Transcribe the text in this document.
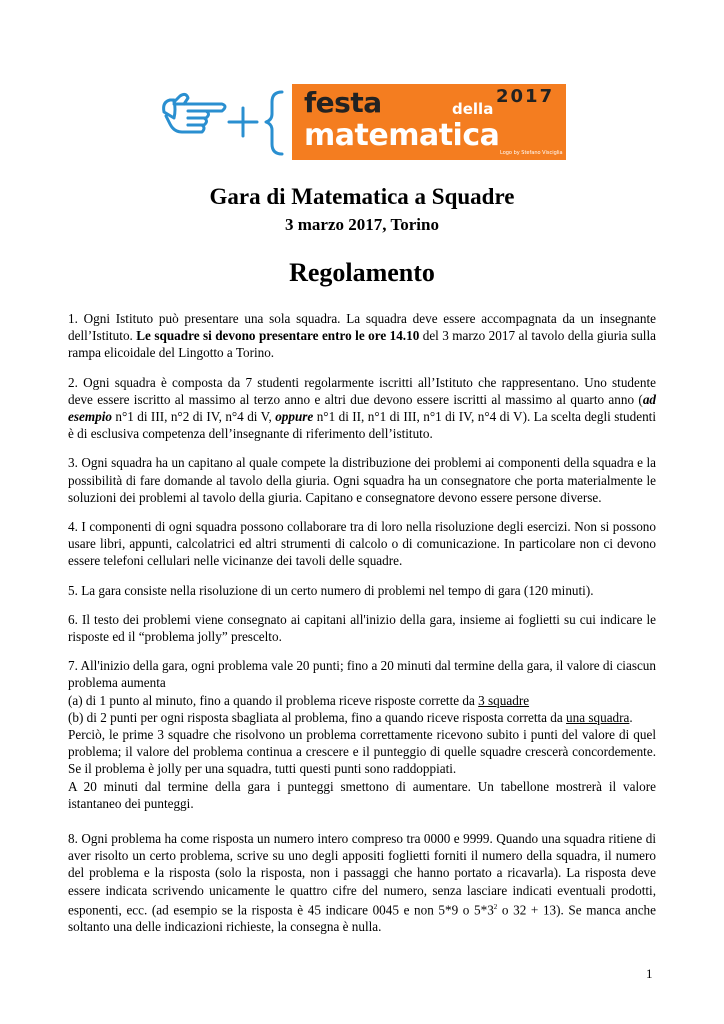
festa	della
2017
matematica Logo by Stefano Visciglia
Gara di Matematica a Squadre
3 marzo 2017, Torino
Regolamento

1. Ogni Istituto può presentare una sola squadra. La squadra deve essere accompagnata da un insegnante dell’Istituto. Le squadre si devono presentare entro le ore 14.10 del 3 marzo 2017 al tavolo della giuria sulla rampa elicoidale del Lingotto a Torino.

2. Ogni squadra è composta da 7 studenti regolarmente iscritti all’Istituto che rappresentano. Uno studente deve essere iscritto al massimo al terzo anno e altri due devono essere iscritti al massimo al quarto anno (ad esempio n°1 di III, n°2 di IV, n°4 di V, oppure n°1 di II, n°1 di III, n°1 di IV, n°4 di V). La scelta degli studenti è di esclusiva competenza dell’insegnante di riferimento dell’istituto.

3. Ogni squadra ha un capitano al quale compete la distribuzione dei problemi ai componenti della squadra e la possibilità di fare domande al tavolo della giuria. Ogni squadra ha un consegnatore che porta materialmente le soluzioni dei problemi al tavolo della giuria. Capitano e consegnatore devono essere persone diverse.

4. I componenti di ogni squadra possono collaborare tra di loro nella risoluzione degli esercizi. Non si possono usare libri, appunti, calcolatrici ed altri strumenti di calcolo o di comunicazione. In particolare non ci devono essere telefoni cellulari nelle vicinanze dei tavoli delle squadre.

5. La gara consiste nella risoluzione di un certo numero di problemi nel tempo di gara (120 minuti).

6. Il testo dei problemi viene consegnato ai capitani all'inizio della gara, insieme ai foglietti su cui indicare le risposte ed il “problema jolly” prescelto.

7. All'inizio della gara, ogni problema vale 20 punti; fino a 20 minuti dal termine della gara, il valore di ciascun problema aumenta
(a) di 1 punto al minuto, fino a quando il problema riceve risposte corrette da 3 squadre
(b) di 2 punti per ogni risposta sbagliata al problema, fino a quando riceve risposta corretta da una squadra.
Perciò, le prime 3 squadre che risolvono un problema correttamente ricevono subito i punti del valore di quel problema; il valore del problema continua a crescere e il punteggio di quelle squadre crescerà concordemente. Se il problema è jolly per una squadra, tutti questi punti sono raddoppiati.
A 20 minuti dal termine della gara i punteggi smettono di aumentare. Un tabellone mostrerà il valore istantaneo dei punteggi.

8. Ogni problema ha come risposta un numero intero compreso tra 0000 e 9999. Quando una squadra ritiene di aver risolto un certo problema, scrive su uno degli appositi foglietti forniti il numero della squadra, il numero del problema e la risposta (solo la risposta, non i passaggi che hanno portato a ricavarla). La risposta deve essere indicata scrivendo unicamente le quattro cifre del numero, senza lasciare indicati eventuali prodotti, esponenti, ecc. (ad esempio se la risposta è 45 indicare 0045 e non 5*9 o $5*3^2$ o 32 + 13). Se manca anche soltanto una delle indicazioni richieste, la consegna è nulla.

1
